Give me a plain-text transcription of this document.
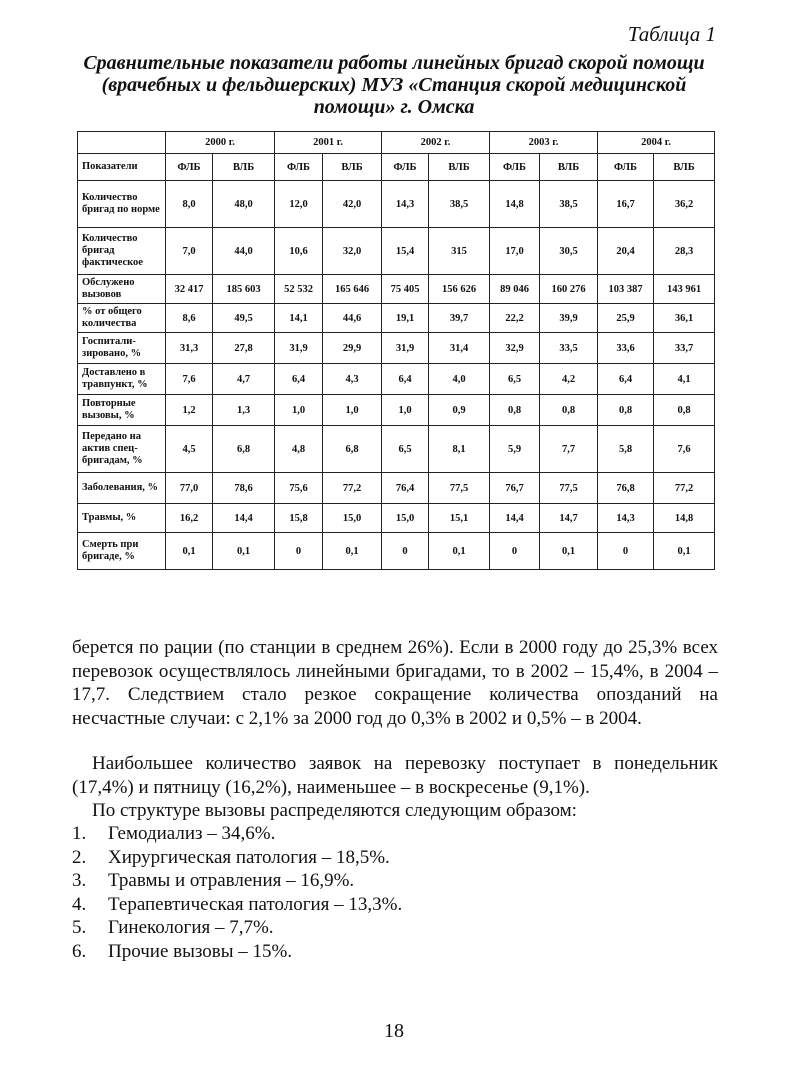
Таблица 1
Сравнительные показатели работы линейных бригад скорой помощи
(врачебных и фельдшерских) МУЗ «Станция скорой медицинской
помощи» г. Омска
	2000 г.		2001 г.		2002 г.		2003 г.		2004 г.	
Показатели	ФЛБ	ВЛБ	ФЛБ	ВЛБ	ФЛБ	ВЛБ	ФЛБ	ВЛБ	ФЛБ	ВЛБ
Количество бригад по норме	8,0	48,0	12,0	42,0	14,3	38,5	14,8	38,5	16,7	36,2
Количество бригад фактическое	7,0	44,0	10,6	32,0	15,4	315	17,0	30,5	20,4	28,3
Обслужено вызовов	32 417	185 603	52 532	165 646	75 405	156 626	89 046	160 276	103 387	143 961
% от общего количества	8,6	49,5	14,1	44,6	19,1	39,7	22,2	39,9	25,9	36,1
Госпитали-зировано, %	31,3	27,8	31,9	29,9	31,9	31,4	32,9	33,5	33,6	33,7
Доставлено в травпункт, %	7,6	4,7	6,4	4,3	6,4	4,0	6,5	4,2	6,4	4,1
Повторные вызовы, %	1,2	1,3	1,0	1,0	1,0	0,9	0,8	0,8	0,8	0,8
Передано на актив спец-бригадам, %	4,5	6,8	4,8	6,8	6,5	8,1	5,9	7,7	5,8	7,6
Заболевания, %	77,0	78,6	75,6	77,2	76,4	77,5	76,7	77,5	76,8	77,2
Травмы, %	16,2	14,4	15,8	15,0	15,0	15,1	14,4	14,7	14,3	14,8
Смерть при бригаде, %	0,1	0,1	0	0,1	0	0,1	0	0,1	0	0,1
берется по рации (по станции в среднем 26%). Если в 2000 году до 25,3% всех перевозок осуществлялось линейными бригадами, то в 2002 – 15,4%, в 2004 – 17,7. Следствием стало резкое сокращение количества опозданий на несчастные случаи: с 2,1% за 2000 год до 0,3% в 2002 и 0,5% – в 2004.
Наибольшее количество заявок на перевозку поступает в понедельник (17,4%) и пятницу (16,2%), наименьшее – в воскресенье (9,1%).
По структуре вызовы распределяются следующим образом:
1. Гемодиализ – 34,6%.
2. Хирургическая патология – 18,5%.
3. Травмы и отравления – 16,9%.
4. Терапевтическая патология – 13,3%.
5. Гинекология – 7,7%.
6. Прочие вызовы – 15%.
18
